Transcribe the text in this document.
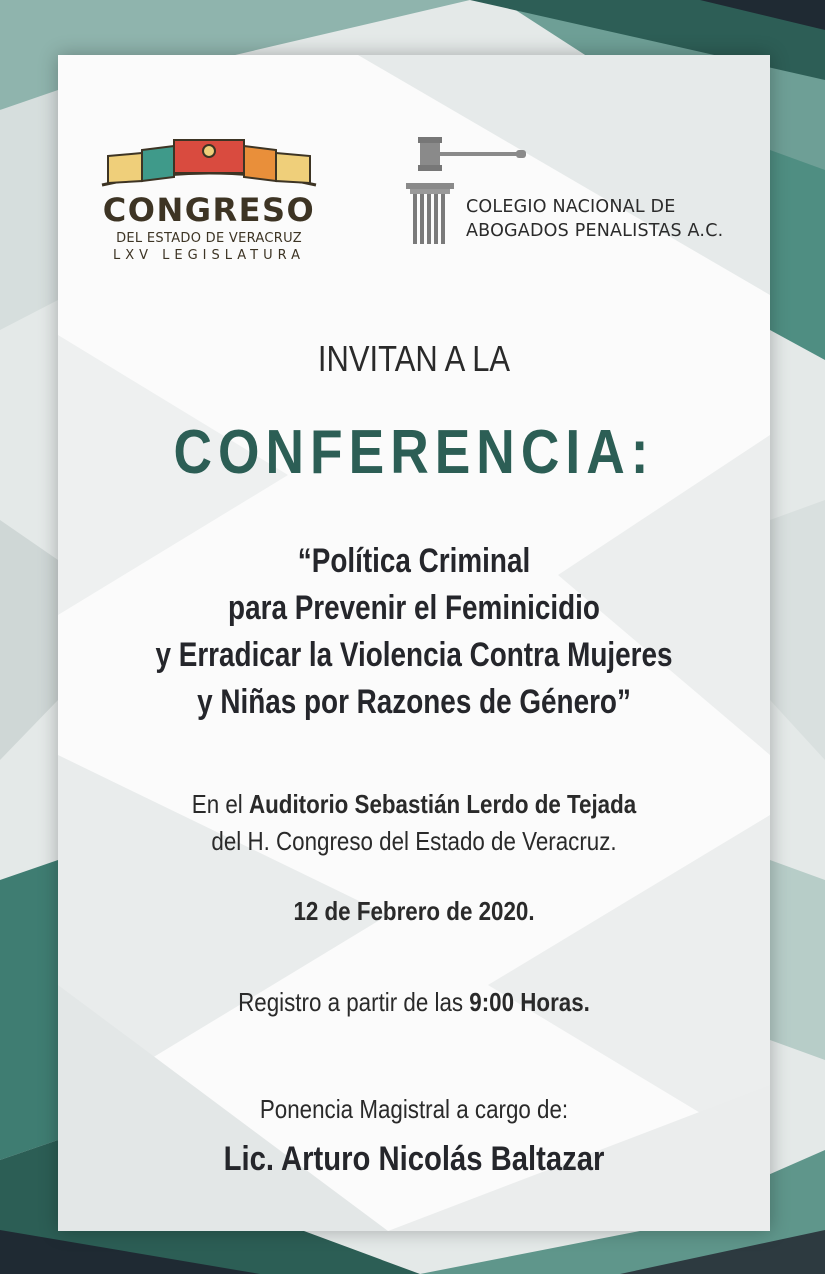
CONGRESO
DEL ESTADO DE VERACRUZ
LXV LEGISLATURA
COLEGIO NACIONAL DE
ABOGADOS PENALISTAS A.C.
INVITAN A LA
CONFERENCIA:
“Política Criminal
para Prevenir el Feminicidio
y Erradicar la Violencia Contra Mujeres
y Niñas por Razones de Género”
En el Auditorio Sebastián Lerdo de Tejada
del H. Congreso del Estado de Veracruz.
12 de Febrero de 2020.
Registro a partir de las 9:00 Horas.
Ponencia Magistral a cargo de:
Lic. Arturo Nicolás Baltazar
